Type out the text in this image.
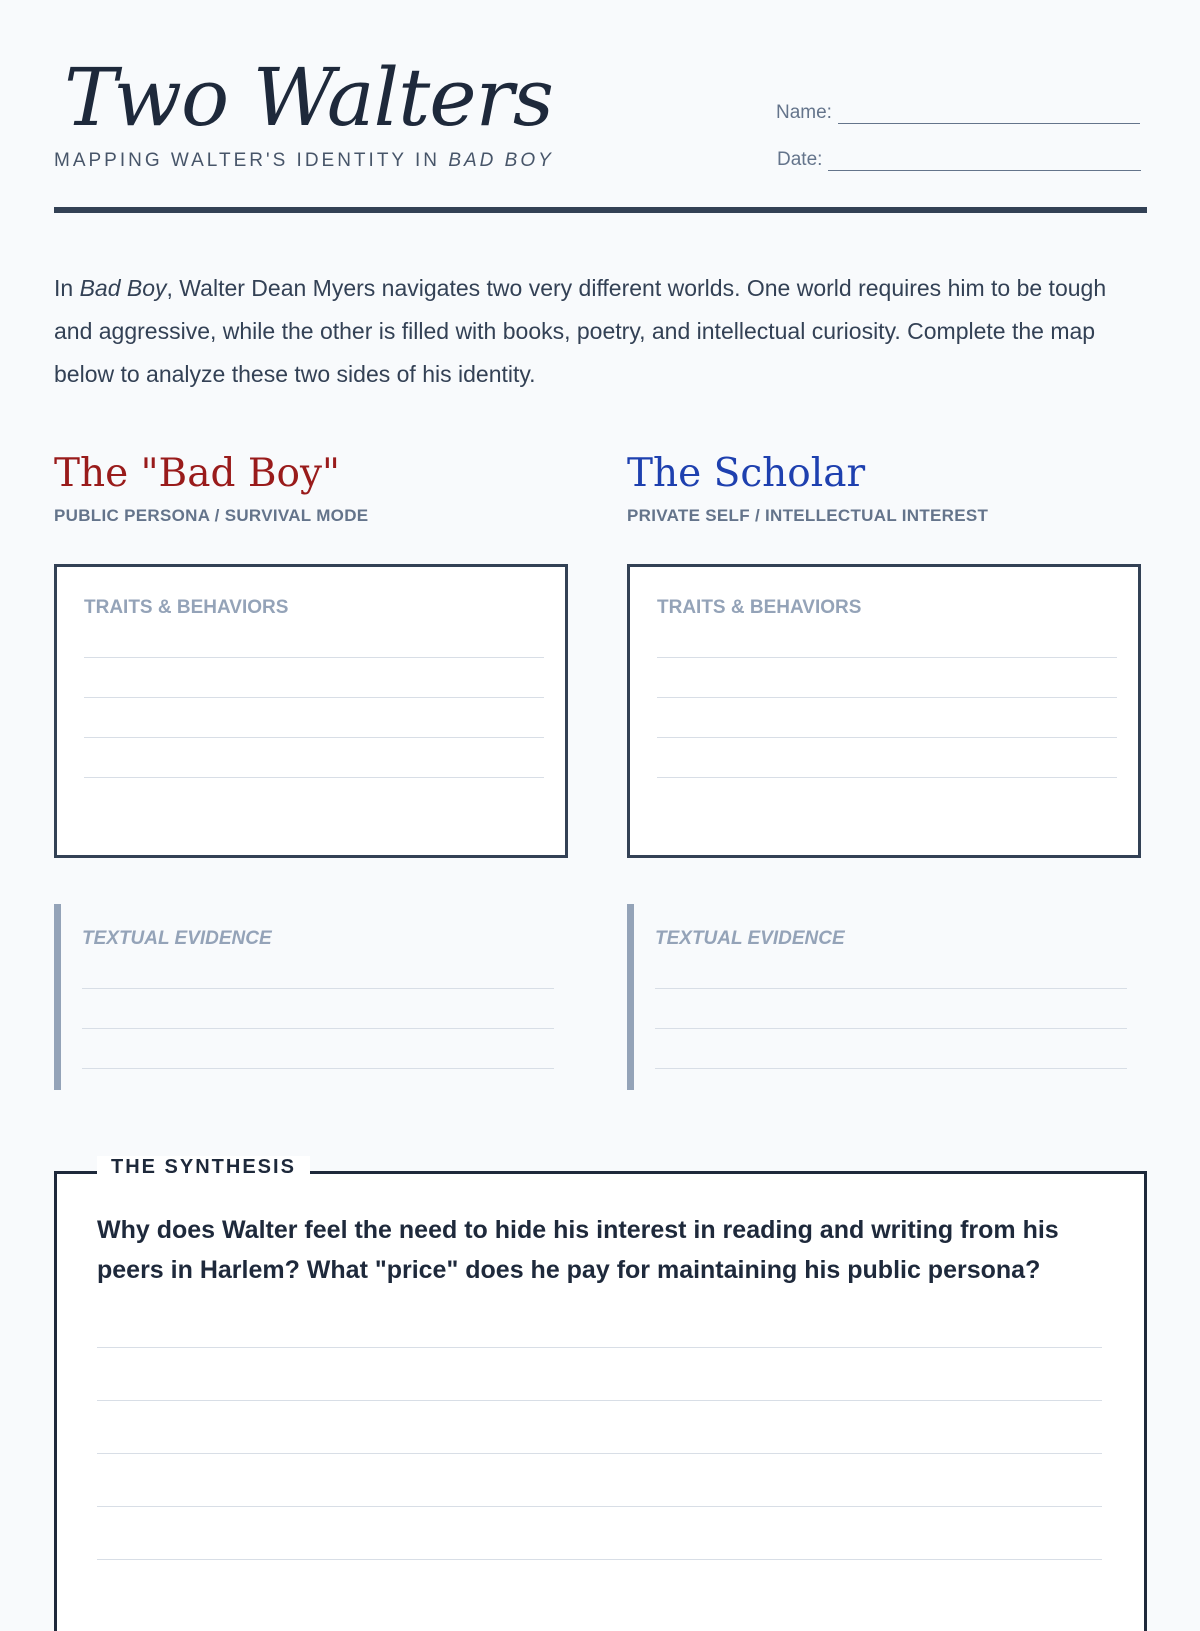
Two Walters
MAPPING WALTER'S IDENTITY IN BAD BOY
Name:
Date:

In Bad Boy, Walter Dean Myers navigates two very different worlds. One world requires him to be tough and aggressive, while the other is filled with books, poetry, and intellectual curiosity. Complete the map below to analyze these two sides of his identity.

The "Bad Boy"
PUBLIC PERSONA / SURVIVAL MODE
TRAITS & BEHAVIORS
TEXTUAL EVIDENCE
The Scholar
PRIVATE SELF / INTELLECTUAL INTEREST
TRAITS & BEHAVIORS
TEXTUAL EVIDENCE
THE SYNTHESIS

Why does Walter feel the need to hide his interest in reading and writing from his peers in Harlem? What "price" does he pay for maintaining his public persona?
